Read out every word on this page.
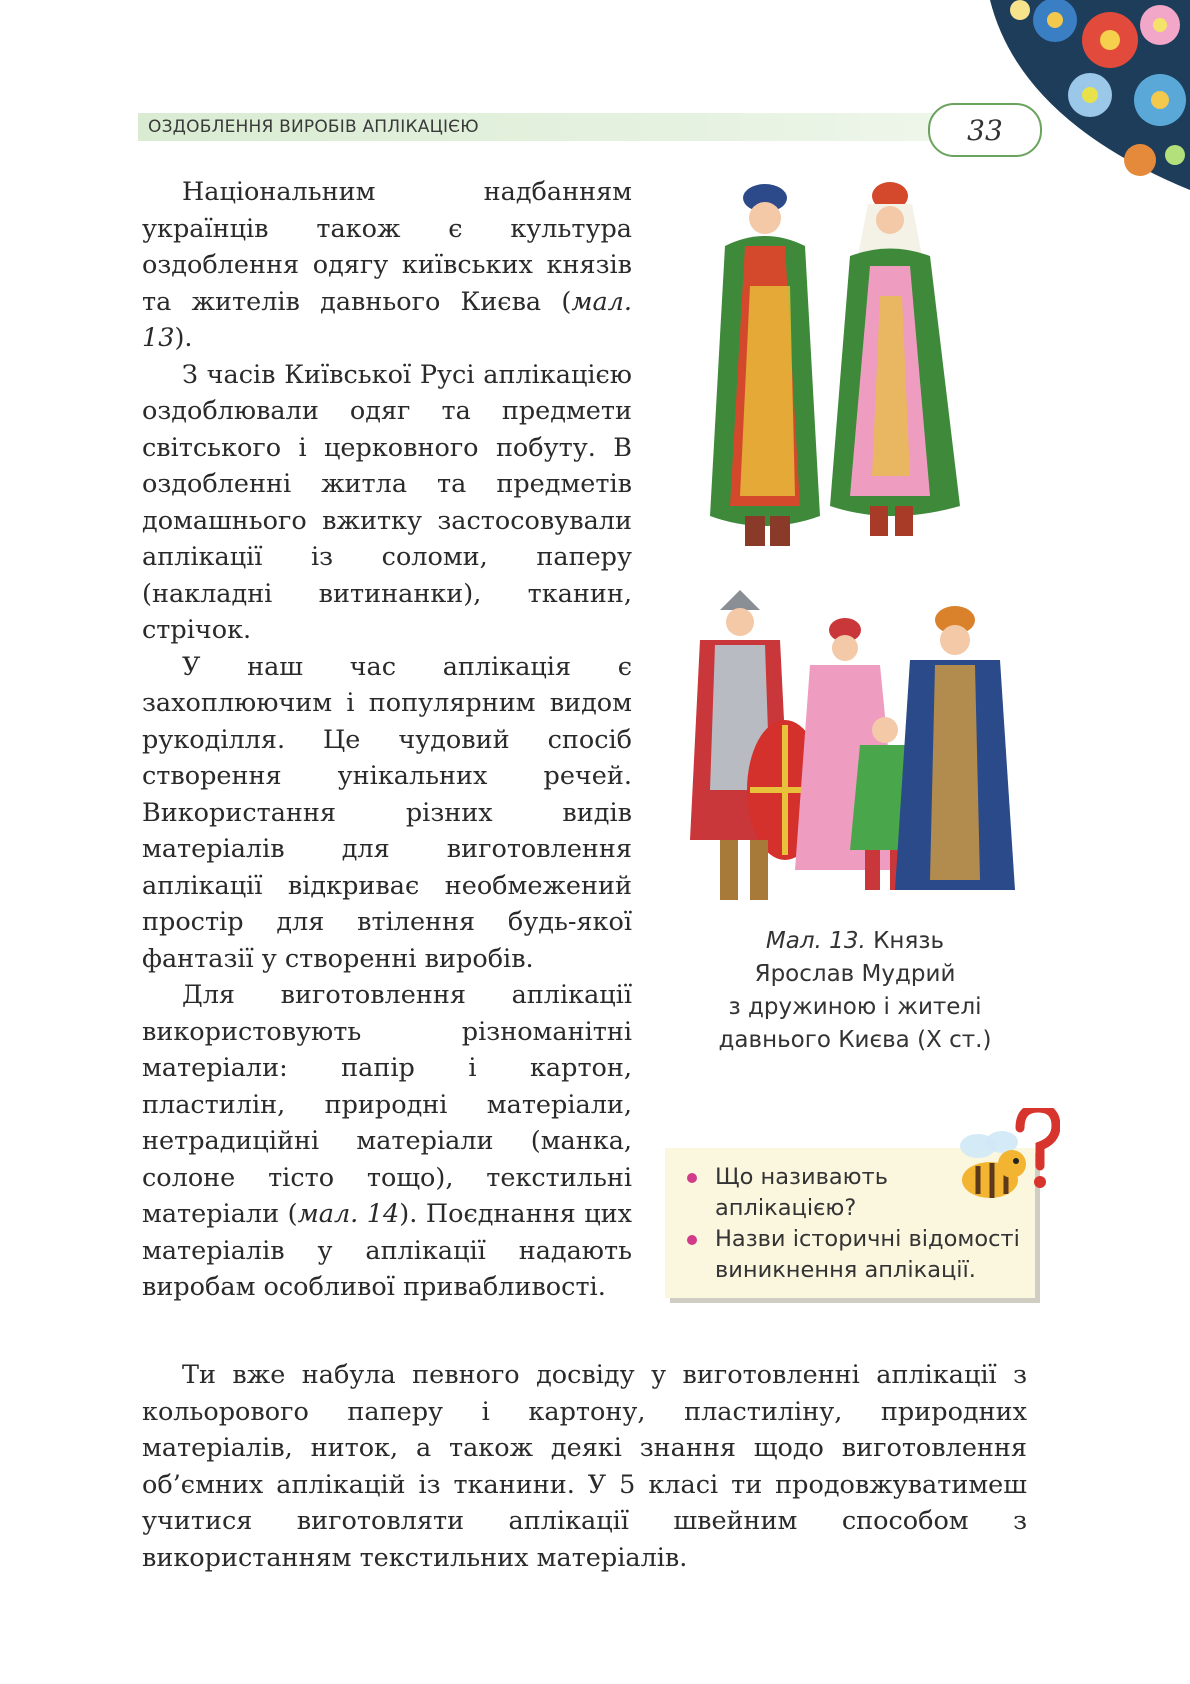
ОЗДОБЛЕННЯ ВИРОБІВ АПЛІКАЦІЄЮ	33

Національним надбанням українців також є культура оздоблення одягу київських князів та жителів давнього Києва (мал. 13).

З часів Київської Русі аплікацією оздоблювали одяг та предмети світського і церковного побуту. В оздобленні житла та предметів домашнього вжитку застосовували аплікації із соломи, паперу (накладні витинанки), тканин, стрічок.

У наш час аплікація є захоплюючим і популярним видом рукоділля. Це чудовий спосіб створення унікальних речей. Використання різних видів матеріалів для виготовлення аплікації відкриває необмежений простір для втілення будь-якої фантазії у створенні виробів.

Для виготовлення аплікації використовують різноманітні матеріали: папір і картон, пластилін, природні матеріали, нетрадиційні матеріали (манка, солоне тісто тощо), текстильні матеріали (мал. 14). Поєднання цих матеріалів у аплікації надають виробам особливої привабливості.

Ти вже набула певного досвіду у виготовленні аплікації з кольорового паперу і картону, пластиліну, природних матеріалів, ниток, а також деякі знання щодо виготовлення об’ємних аплікацій із тканини. У 5 класі ти продовжуватимеш учитися виготовляти аплікації швейним способом з використанням текстильних матеріалів.

Мал. 13. Князь
Ярослав Мудрий
з дружиною і жителі
давнього Києва (Х ст.)
Що називають
аплікацією?
Назви історичні відомості
виникнення аплікації.
